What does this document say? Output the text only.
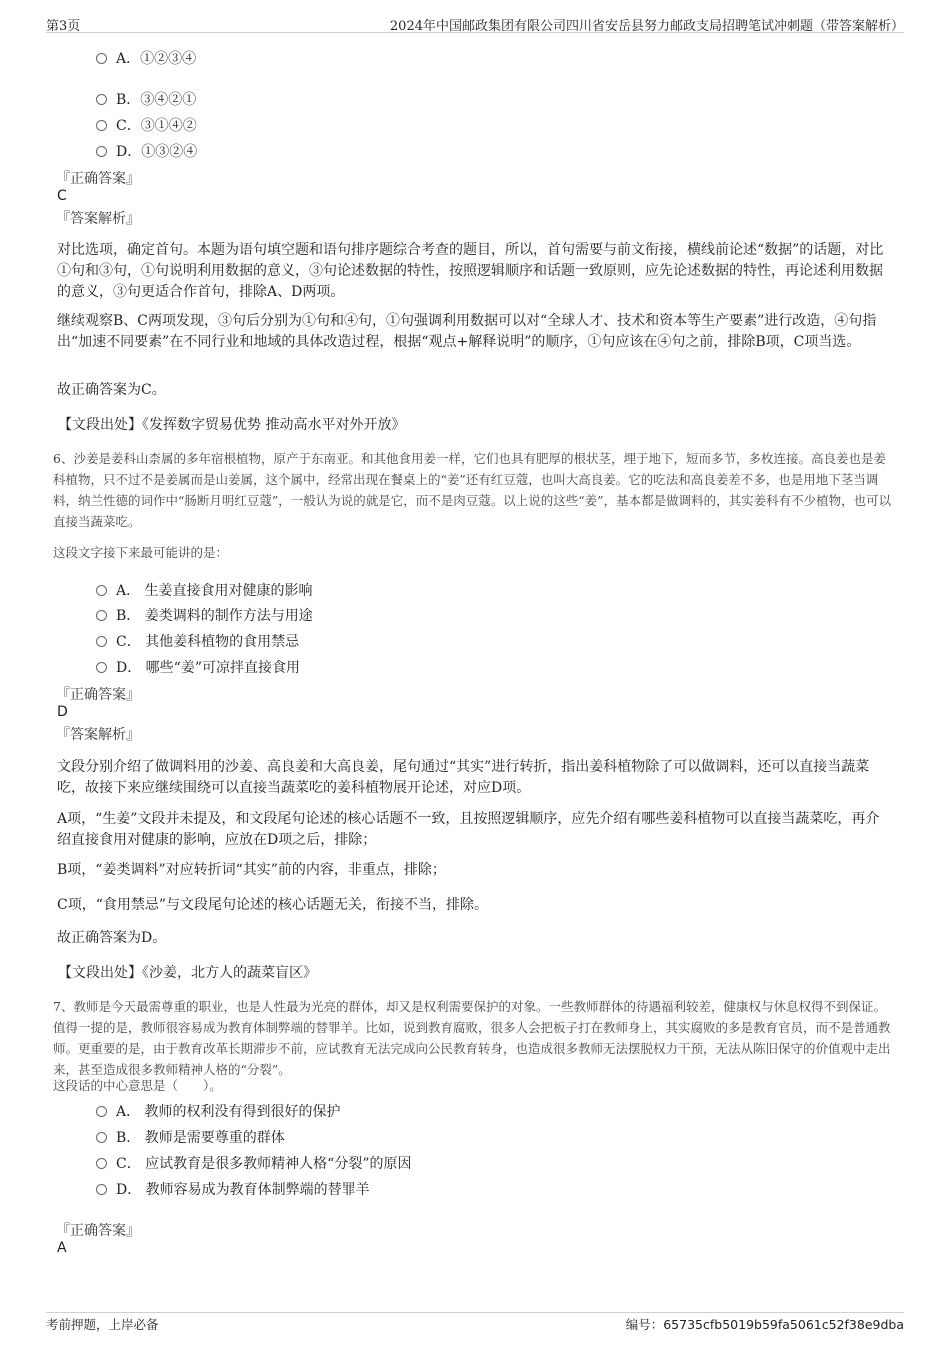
第3页	2024年中国邮政集团有限公司四川省安岳县努力邮政支局招聘笔试冲刺题（带答案解析）
A．①②③④
B．③④②①
C．③①④②
D．①③②④
『正确答案』
C
『答案解析』
对比选项，确定首句。本题为语句填空题和语句排序题综合考查的题目，所以，首句需要与前文衔接，横线前论述“数据”的话题，对比①句和③句，①句说明利用数据的意义，③句论述数据的特性，按照逻辑顺序和话题一致原则，应先论述数据的特性，再论述利用数据的意义，③句更适合作首句，排除A、D两项。
继续观察B、C两项发现，③句后分别为①句和④句，①句强调利用数据可以对“全球人才、技术和资本等生产要素”进行改造，④句指出“加速不同要素”在不同行业和地域的具体改造过程，根据“观点+解释说明”的顺序，①句应该在④句之前，排除B项，C项当选。
故正确答案为C。
【文段出处】《发挥数字贸易优势 推动高水平对外开放》
6、沙姜是姜科山柰属的多年宿根植物，原产于东南亚。和其他食用姜一样，它们也具有肥厚的根状茎，埋于地下，短而多节，多枚连接。高良姜也是姜科植物，只不过不是姜属而是山姜属，这个属中，经常出现在餐桌上的“姜”还有红豆蔻，也叫大高良姜。它的吃法和高良姜差不多，也是用地下茎当调料，纳兰性德的词作中“肠断月明红豆蔻”，一般认为说的就是它，而不是肉豆蔻。以上说的这些“姜”，基本都是做调料的，其实姜科有不少植物，也可以直接当蔬菜吃。
这段文字接下来最可能讲的是：
A． 生姜直接食用对健康的影响
B． 姜类调料的制作方法与用途
C． 其他姜科植物的食用禁忌
D． 哪些“姜”可凉拌直接食用
『正确答案』
D
『答案解析』
文段分别介绍了做调料用的沙姜、高良姜和大高良姜，尾句通过“其实”进行转折，指出姜科植物除了可以做调料，还可以直接当蔬菜吃，故接下来应继续围绕可以直接当蔬菜吃的姜科植物展开论述，对应D项。
A项，“生姜”文段并未提及，和文段尾句论述的核心话题不一致，且按照逻辑顺序，应先介绍有哪些姜科植物可以直接当蔬菜吃，再介绍直接食用对健康的影响，应放在D项之后，排除；
B项，“姜类调料”对应转折词“其实”前的内容，非重点，排除；
C项，“食用禁忌”与文段尾句论述的核心话题无关，衔接不当，排除。
故正确答案为D。
【文段出处】《沙姜，北方人的蔬菜盲区》
7、教师是今天最需尊重的职业，也是人性最为光亮的群体，却又是权利需要保护的对象。一些教师群体的待遇福利较差，健康权与休息权得不到保证。值得一提的是，教师很容易成为教育体制弊端的替罪羊。比如，说到教育腐败，很多人会把板子打在教师身上，其实腐败的多是教育官员，而不是普通教师。更重要的是，由于教育改革长期滞步不前，应试教育无法完成向公民教育转身，也造成很多教师无法摆脱权力干预，无法从陈旧保守的价值观中走出来，甚至造成很多教师精神人格的“分裂”。
这段话的中心意思是（　　）。
A． 教师的权利没有得到很好的保护
B． 教师是需要尊重的群体
C． 应试教育是很多教师精神人格“分裂”的原因
D． 教师容易成为教育体制弊端的替罪羊
『正确答案』
A
考前押题，上岸必备	编号：65735cfb5019b59fa5061c52f38e9dba
